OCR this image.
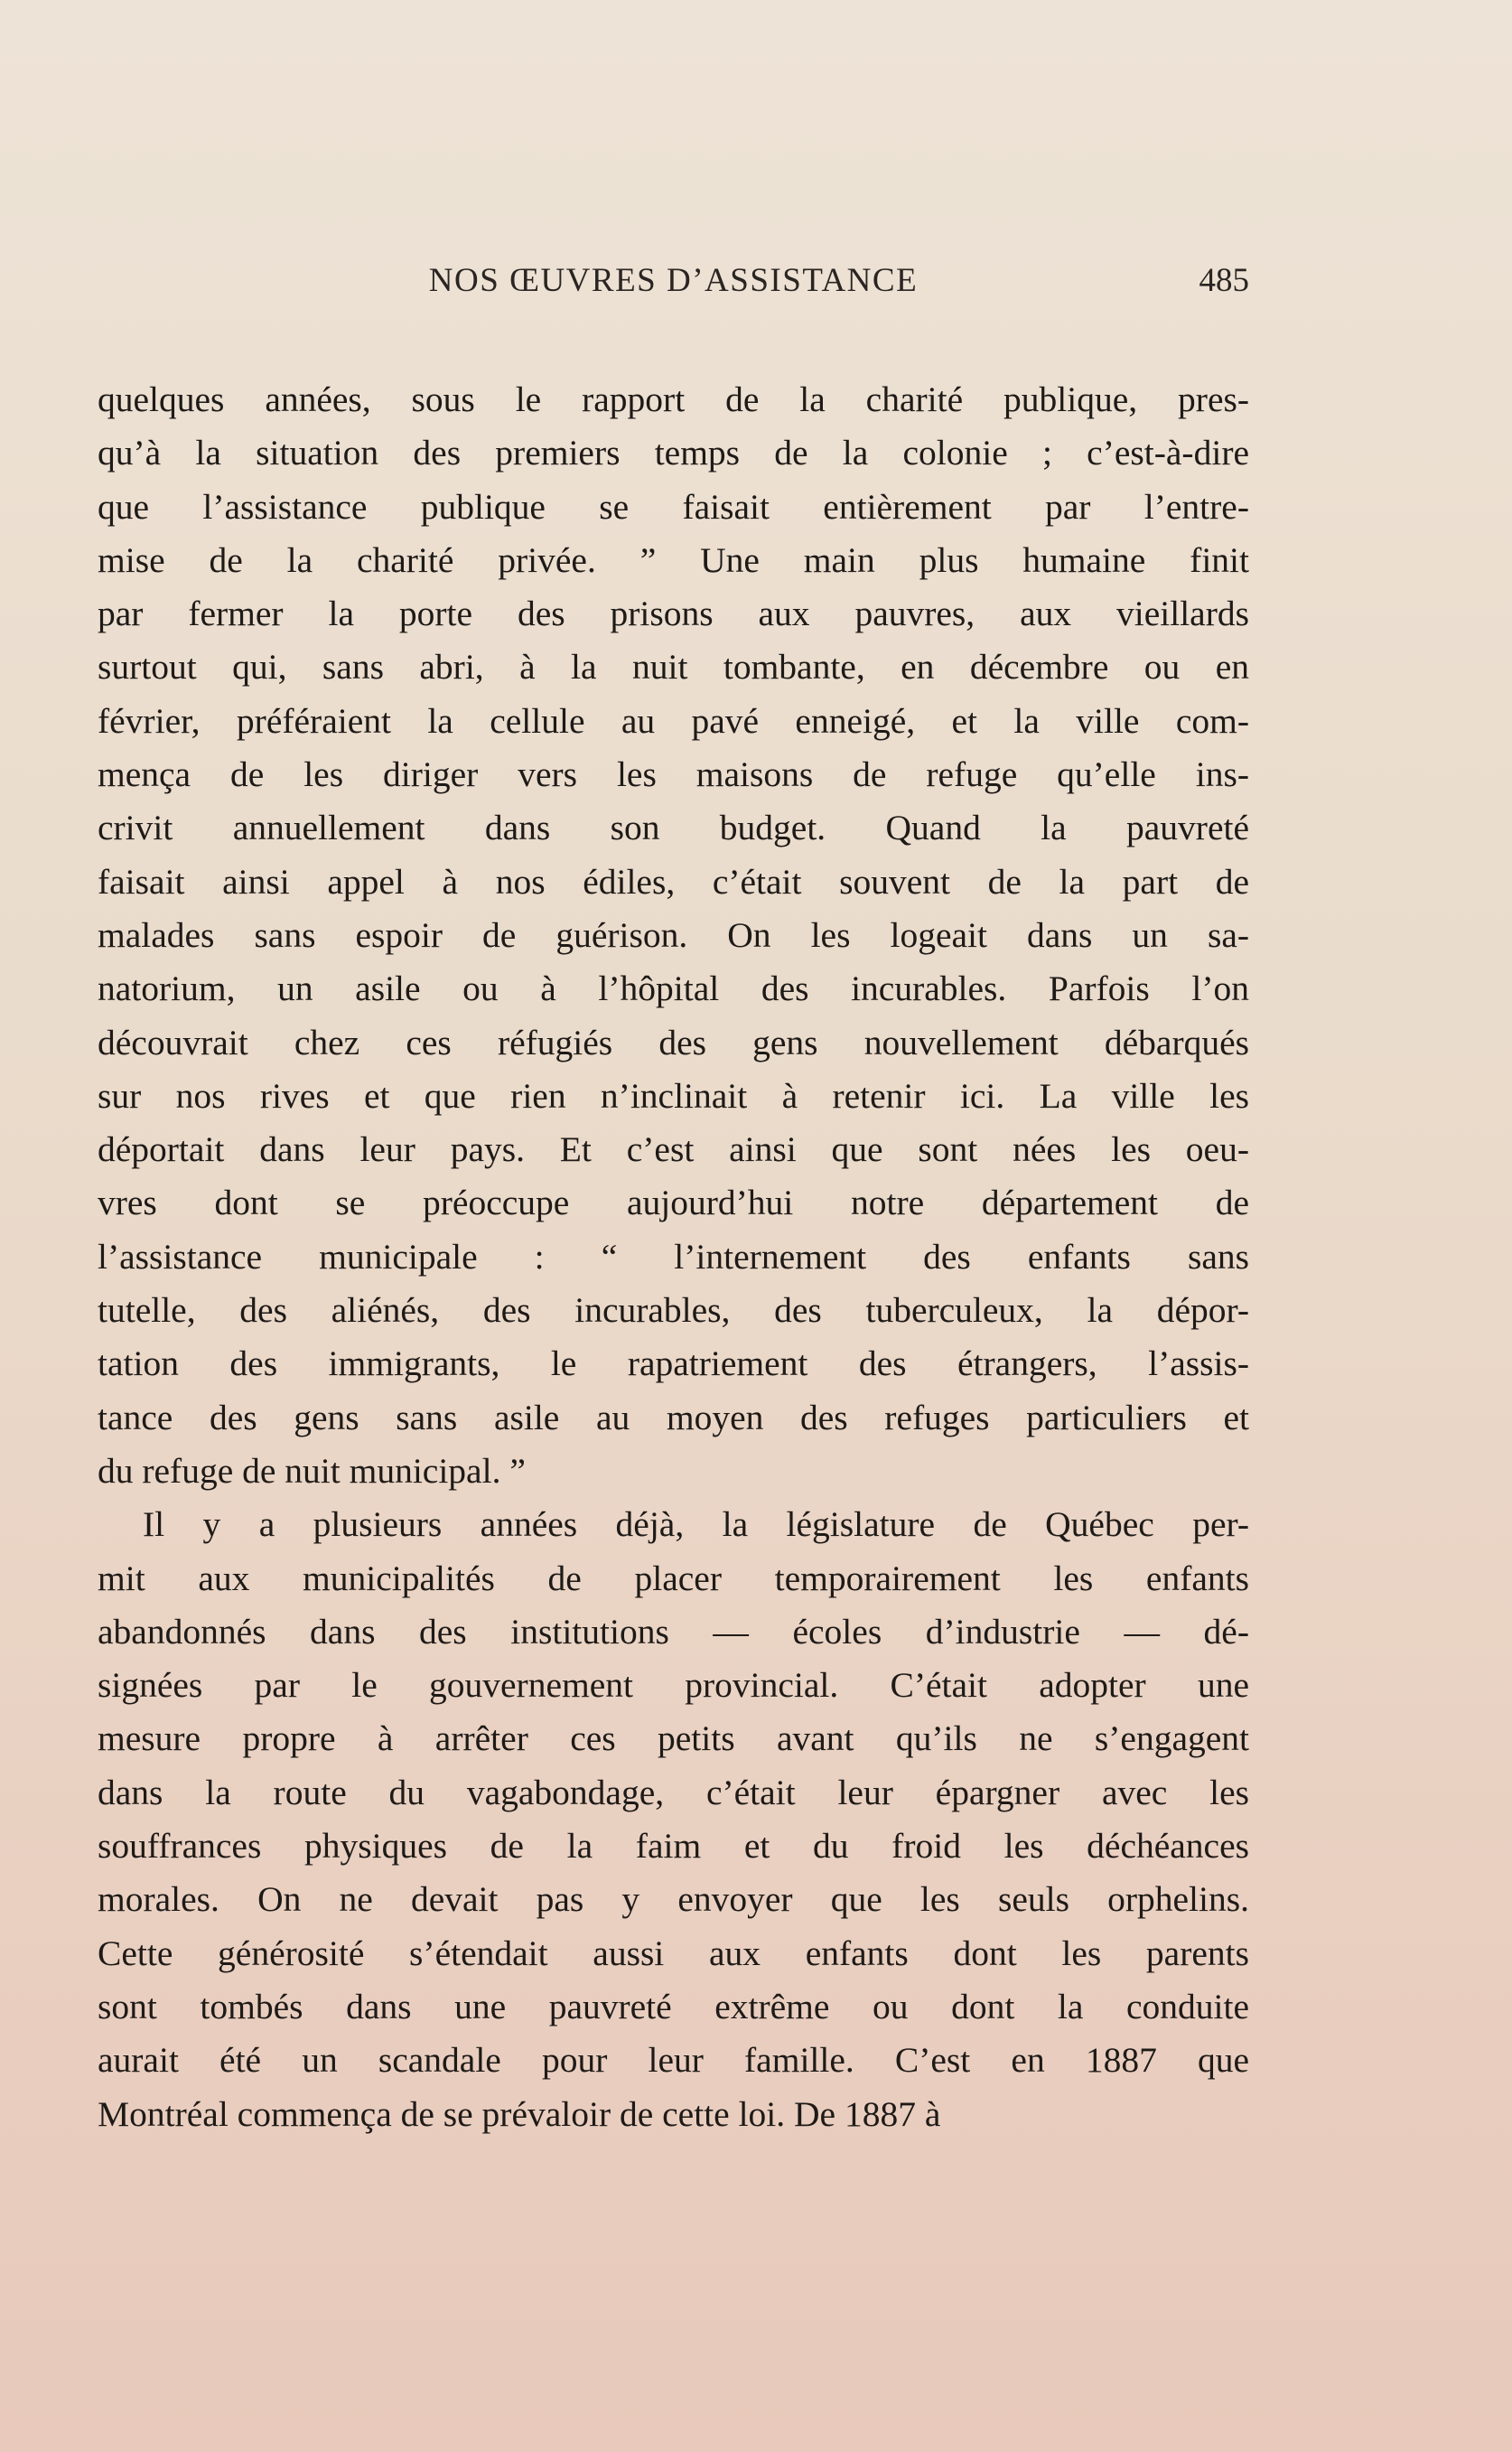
NOS ŒUVRES D’ASSISTANCE	485
quelques années, sous le rapport de la charité publique, pres-
qu’à la situation des premiers temps de la colonie ; c’est-à-dire
que l’assistance publique se faisait entièrement par l’entre-
mise de la charité privée. ” Une main plus humaine finit
par fermer la porte des prisons aux pauvres, aux vieillards
surtout qui, sans abri, à la nuit tombante, en décembre ou en
février, préféraient la cellule au pavé enneigé, et la ville com-
mença de les diriger vers les maisons de refuge qu’elle ins-
crivit annuellement dans son budget. Quand la pauvreté
faisait ainsi appel à nos édiles, c’était souvent de la part de
malades sans espoir de guérison. On les logeait dans un sa-
natorium, un asile ou à l’hôpital des incurables. Parfois l’on
découvrait chez ces réfugiés des gens nouvellement débarqués
sur nos rives et que rien n’inclinait à retenir ici. La ville les
déportait dans leur pays. Et c’est ainsi que sont nées les oeu-
vres dont se préoccupe aujourd’hui notre département de
l’assistance municipale : “ l’internement des enfants sans
tutelle, des aliénés, des incurables, des tuberculeux, la dépor-
tation des immigrants, le rapatriement des étrangers, l’assis-
tance des gens sans asile au moyen des refuges particuliers et
du refuge de nuit municipal. ”
Il y a plusieurs années déjà, la législature de Québec per-
mit aux municipalités de placer temporairement les enfants
abandonnés dans des institutions — écoles d’industrie — dé-
signées par le gouvernement provincial. C’était adopter une
mesure propre à arrêter ces petits avant qu’ils ne s’engagent
dans la route du vagabondage, c’était leur épargner avec les
souffrances physiques de la faim et du froid les déchéances
morales. On ne devait pas y envoyer que les seuls orphelins.
Cette générosité s’étendait aussi aux enfants dont les parents
sont tombés dans une pauvreté extrême ou dont la conduite
aurait été un scandale pour leur famille. C’est en 1887 que
Montréal commença de se prévaloir de cette loi. De 1887 à
